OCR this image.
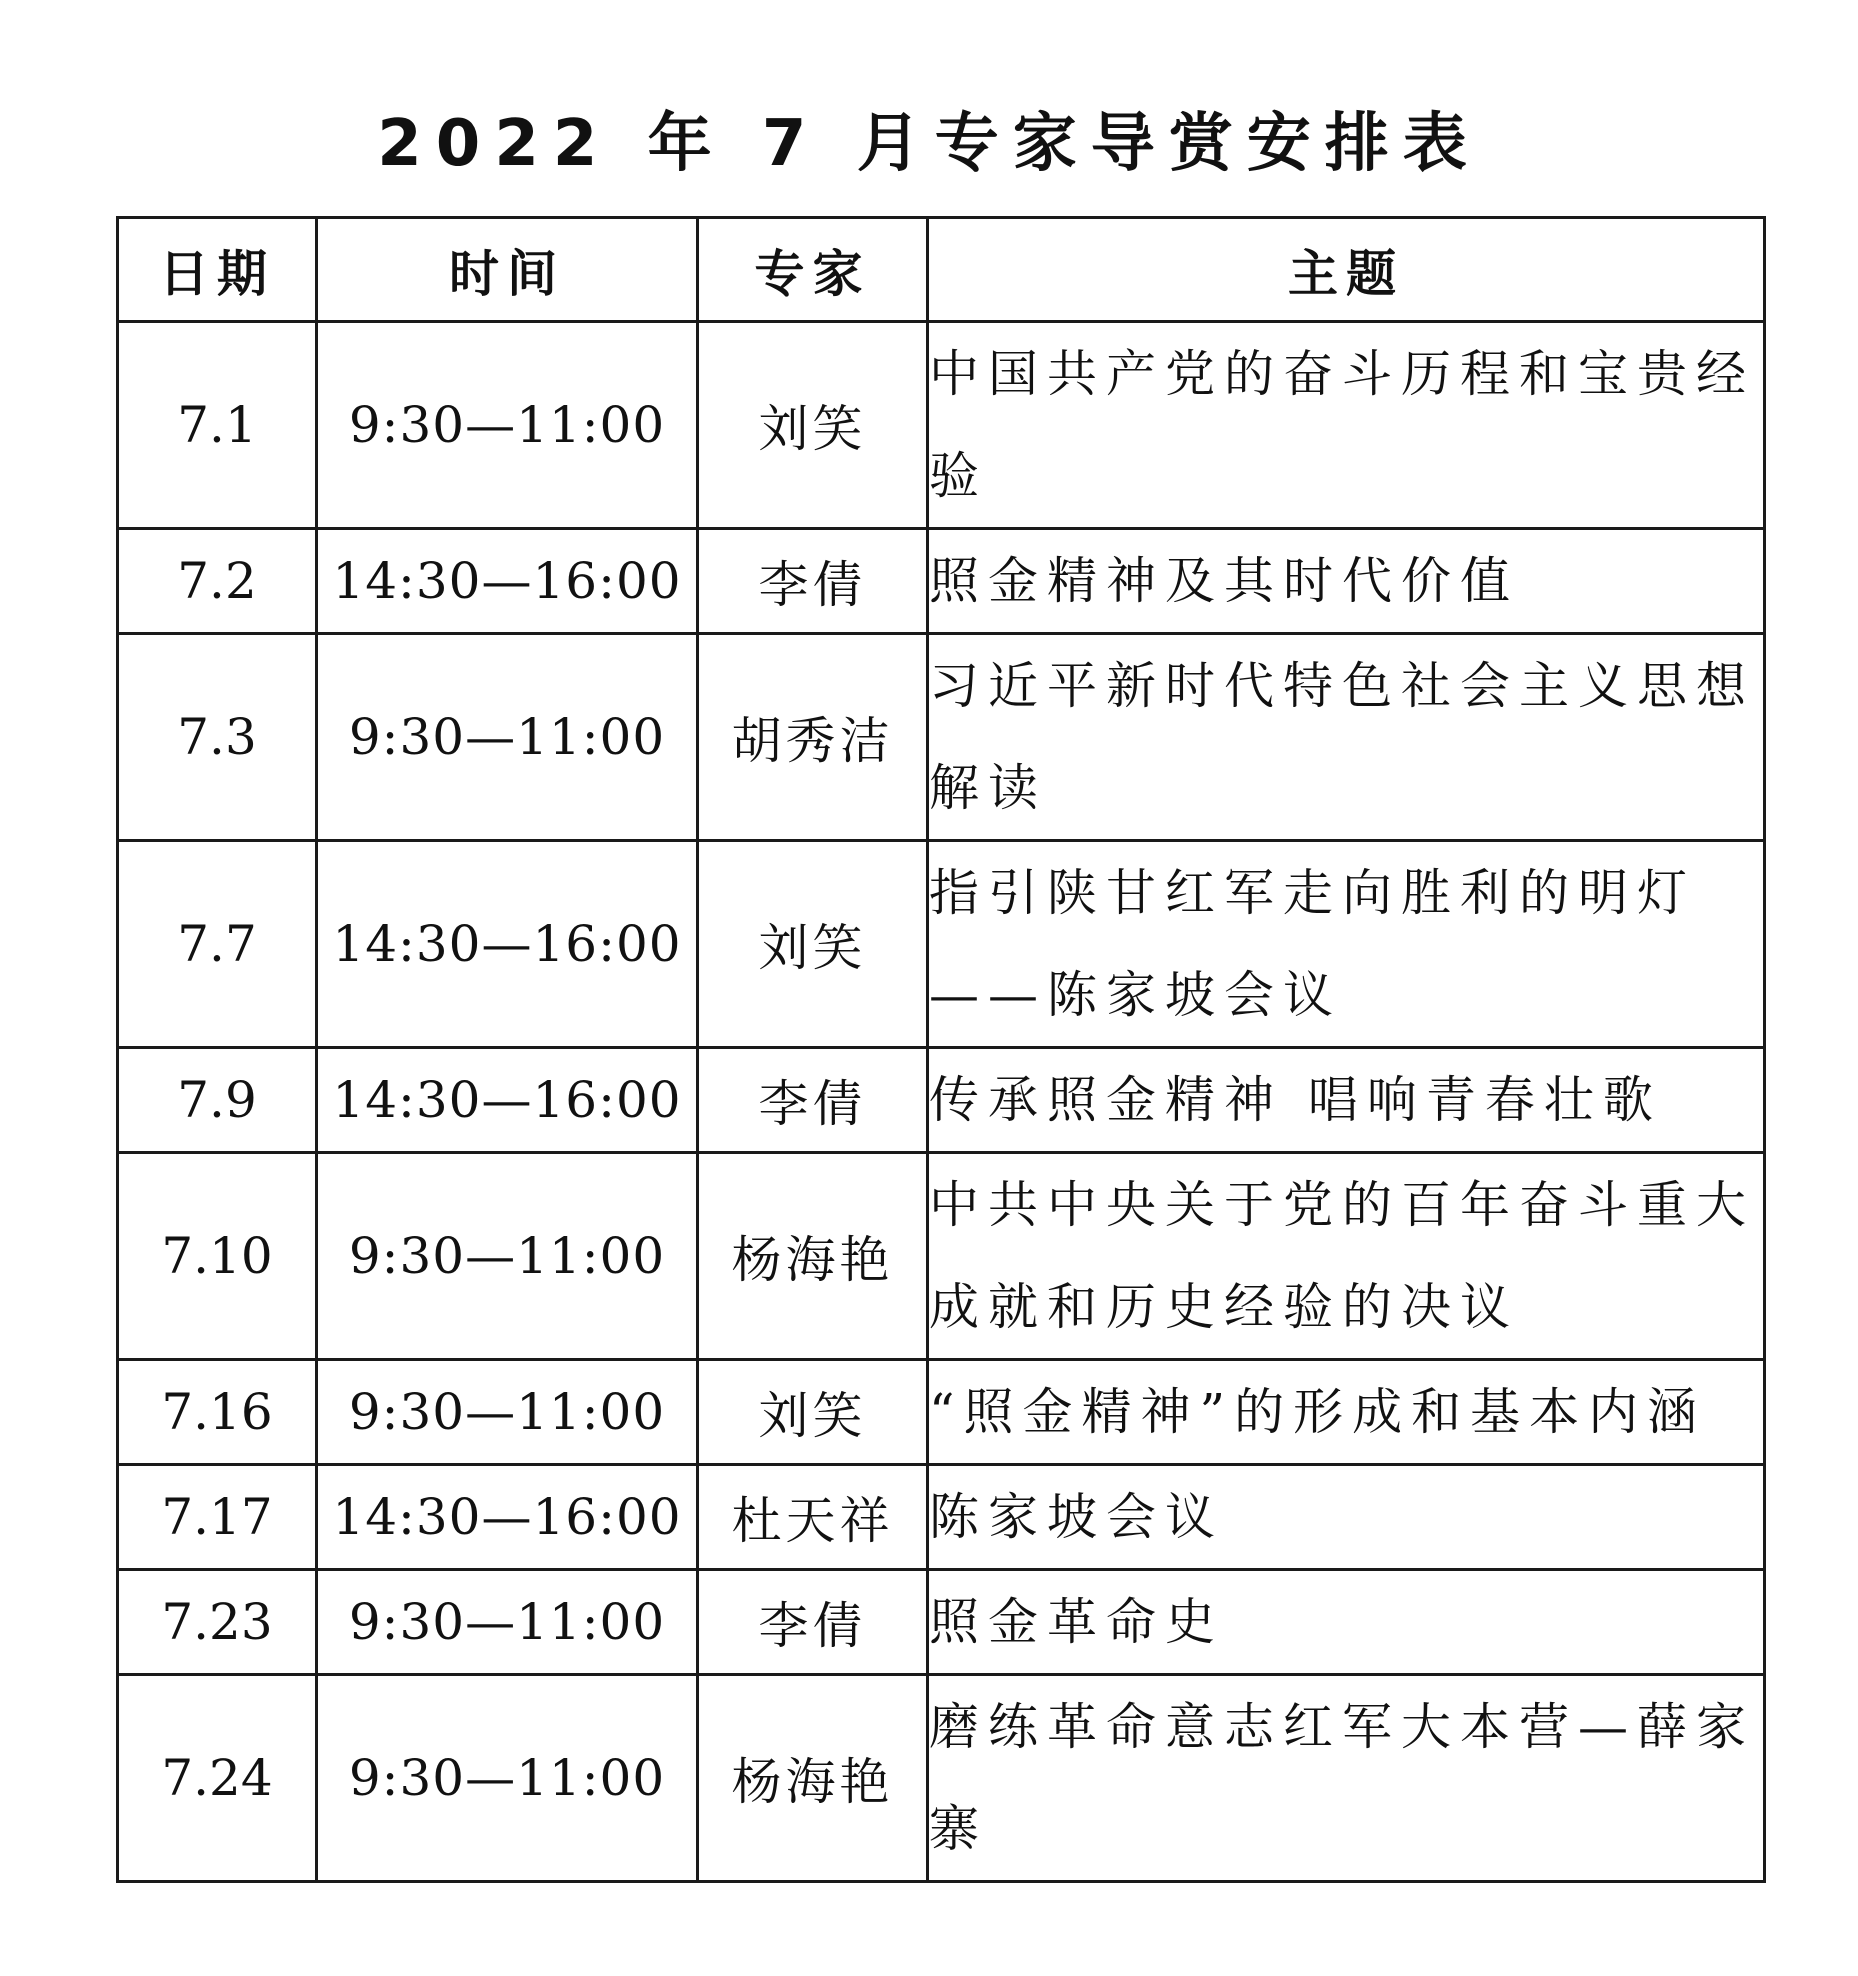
2022 年 7 月专家导赏安排表
日期	时间	专家	主题
7.1	9:30—11:00	刘笑	中国共产党的奋斗历程和宝贵经验
7.2	14:30—16:00	李倩	照金精神及其时代价值
7.3	9:30—11:00	胡秀洁	习近平新时代特色社会主义思想解读
7.7	14:30—16:00	刘笑	指引陕甘红军走向胜利的明灯——陈家坡会议
7.9	14:30—16:00	李倩	传承照金精神 唱响青春壮歌
7.10	9:30—11:00	杨海艳	中共中央关于党的百年奋斗重大成就和历史经验的决议
7.16	9:30—11:00	刘笑	“照金精神”的形成和基本内涵
7.17	14:30—16:00	杜天祥	陈家坡会议
7.23	9:30—11:00	李倩	照金革命史
7.24	9:30—11:00	杨海艳	磨练革命意志红军大本营—薛家寨
